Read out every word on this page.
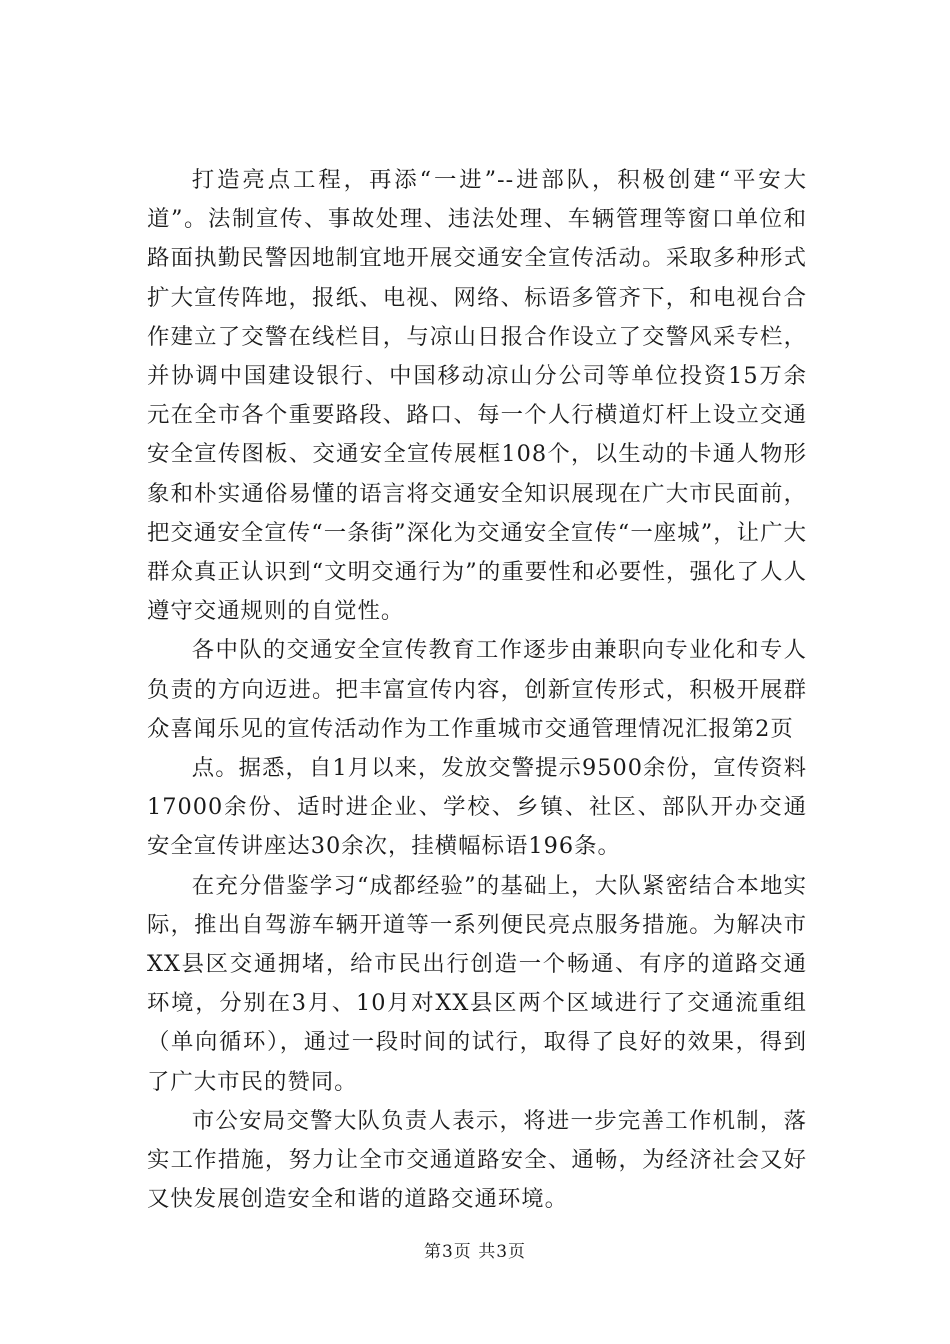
打造亮点工程，再添“一进”--进部队，积极创建“平安大道”。法制宣传、事故处理、违法处理、车辆管理等窗口单位和路面执勤民警因地制宜地开展交通安全宣传活动。采取多种形式扩大宣传阵地，报纸、电视、网络、标语多管齐下，和电视台合作建立了交警在线栏目，与凉山日报合作设立了交警风采专栏，并协调中国建设银行、中国移动凉山分公司等单位投资15万余元在全市各个重要路段、路口、每一个人行横道灯杆上设立交通安全宣传图板、交通安全宣传展框108个，以生动的卡通人物形象和朴实通俗易懂的语言将交通安全知识展现在广大市民面前，把交通安全宣传“一条街”深化为交通安全宣传“一座城”，让广大群众真正认识到“文明交通行为”的重要性和必要性，强化了人人遵守交通规则的自觉性。

各中队的交通安全宣传教育工作逐步由兼职向专业化和专人负责的方向迈进。把丰富宣传内容，创新宣传形式，积极开展群众喜闻乐见的宣传活动作为工作重城市交通管理情况汇报第2页

点。据悉，自1月以来，发放交警提示9500余份，宣传资料17000余份、适时进企业、学校、乡镇、社区、部队开办交通安全宣传讲座达30余次，挂横幅标语196条。

在充分借鉴学习“成都经验”的基础上，大队紧密结合本地实际，推出自驾游车辆开道等一系列便民亮点服务措施。为解决市XX县区交通拥堵，给市民出行创造一个畅通、有序的道路交通环境，分别在3月、10月对XX县区两个区域进行了交通流重组（单向循环），通过一段时间的试行，取得了良好的效果，得到了广大市民的赞同。

市公安局交警大队负责人表示，将进一步完善工作机制，落实工作措施，努力让全市交通道路安全、通畅，为经济社会又好又快发展创造安全和谐的道路交通环境。

第3页 共3页
